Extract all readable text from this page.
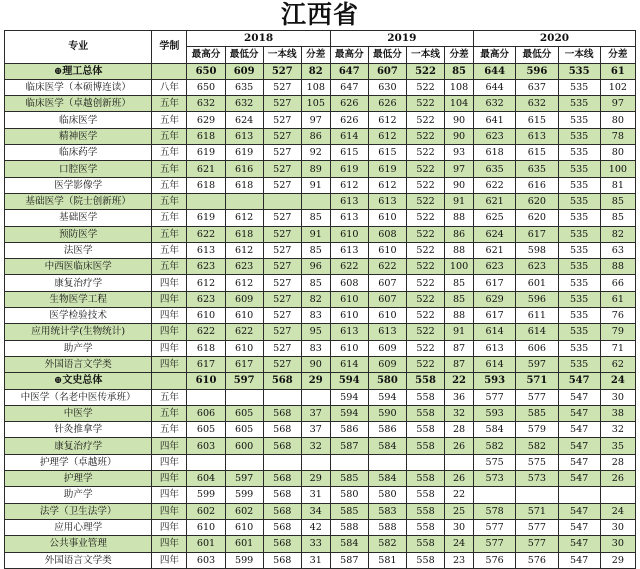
江西省
专业	学制	2018				2019				2020			
		最高分	最低分	一本线	分差	最高分	最低分	一本线	分差	最高分	最低分	一本线	分差
⊕理工总体		650	609	527	82	647	607	522	85	644	596	535	61
临床医学（本硕博连读）	八年	650	635	527	108	647	630	522	108	644	637	535	102
临床医学（卓越创新班）	五年	632	632	527	105	626	626	522	104	632	632	535	97
临床医学	五年	629	624	527	97	626	612	522	90	641	615	535	80
精神医学	五年	618	613	527	86	614	612	522	90	623	613	535	78
临床药学	五年	619	619	527	92	615	615	522	93	618	615	535	80
口腔医学	五年	621	616	527	89	619	619	522	97	635	635	535	100
医学影像学	五年	618	618	527	91	612	612	522	90	622	616	535	81
基础医学（院士创新班）	五年					613	613	522	91	621	620	535	85
基础医学	五年	619	612	527	85	613	610	522	88	625	620	535	85
预防医学	五年	622	618	527	91	610	608	522	86	624	617	535	82
法医学	五年	613	612	527	85	613	610	522	88	621	598	535	63
中西医临床医学	五年	623	623	527	96	622	622	522	100	623	623	535	88
康复治疗学	四年	612	612	527	85	608	607	522	85	617	601	535	66
生物医学工程	四年	623	609	527	82	610	607	522	85	629	596	535	61
医学检验技术	四年	610	610	527	83	610	610	522	88	617	611	535	76
应用统计学(生物统计)	四年	622	622	527	95	613	613	522	91	614	614	535	79
助产学	四年	618	610	527	83	610	609	522	87	613	606	535	71
外国语言文学类	四年	617	617	527	90	614	609	522	87	614	597	535	62
⊕文史总体		610	597	568	29	594	580	558	22	593	571	547	24
中医学（名老中医传承班）	五年					594	594	558	36	577	577	547	30
中医学	五年	606	605	568	37	594	590	558	32	593	585	547	38
针灸推拿学	五年	605	605	568	37	586	586	558	28	584	579	547	32
康复治疗学	四年	603	600	568	32	587	584	558	26	582	582	547	35
护理学（卓越班）	四年									575	575	547	28
护理学	四年	604	597	568	29	585	584	558	26	573	573	547	26
助产学	四年	599	599	568	31	580	580	558	22				
法学（卫生法学）	四年	602	602	568	34	585	583	558	25	578	571	547	24
应用心理学	四年	610	610	568	42	588	588	558	30	577	577	547	30
公共事业管理	四年	601	601	568	33	584	582	558	24	577	577	547	30
外国语言文学类	四年	603	599	568	31	587	581	558	23	576	576	547	29
